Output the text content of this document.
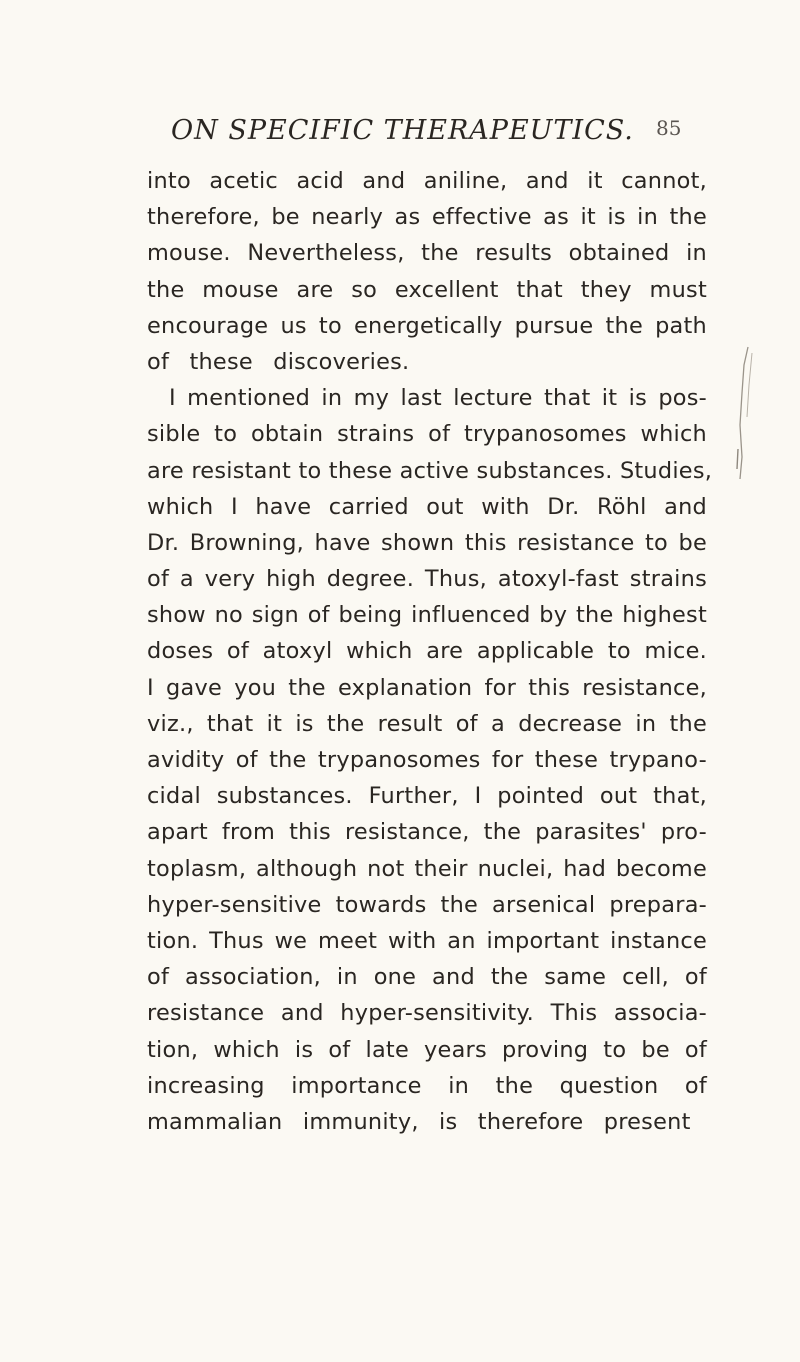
ON SPECIFIC THERAPEUTICS. 85
into acetic acid and aniline, and it cannot,
therefore, be nearly as effective as it is in the
mouse. Nevertheless, the results obtained in
the mouse are so excellent that they must
encourage us to energetically pursue the path
of these discoveries.
I mentioned in my last lecture that it is pos-
sible to obtain strains of trypanosomes which
are resistant to these active substances. Studies,
which I have carried out with Dr. Röhl and
Dr. Browning, have shown this resistance to be
of a very high degree. Thus, atoxyl-fast strains
show no sign of being influenced by the highest
doses of atoxyl which are applicable to mice.
I gave you the explanation for this resistance,
viz., that it is the result of a decrease in the
avidity of the trypanosomes for these trypano-
cidal substances. Further, I pointed out that,
apart from this resistance, the parasites' pro-
toplasm, although not their nuclei, had become
hyper-sensitive towards the arsenical prepara-
tion. Thus we meet with an important instance
of association, in one and the same cell, of
resistance and hyper-sensitivity. This associa-
tion, which is of late years proving to be of
increasing importance in the question of
mammalian immunity, is therefore present
